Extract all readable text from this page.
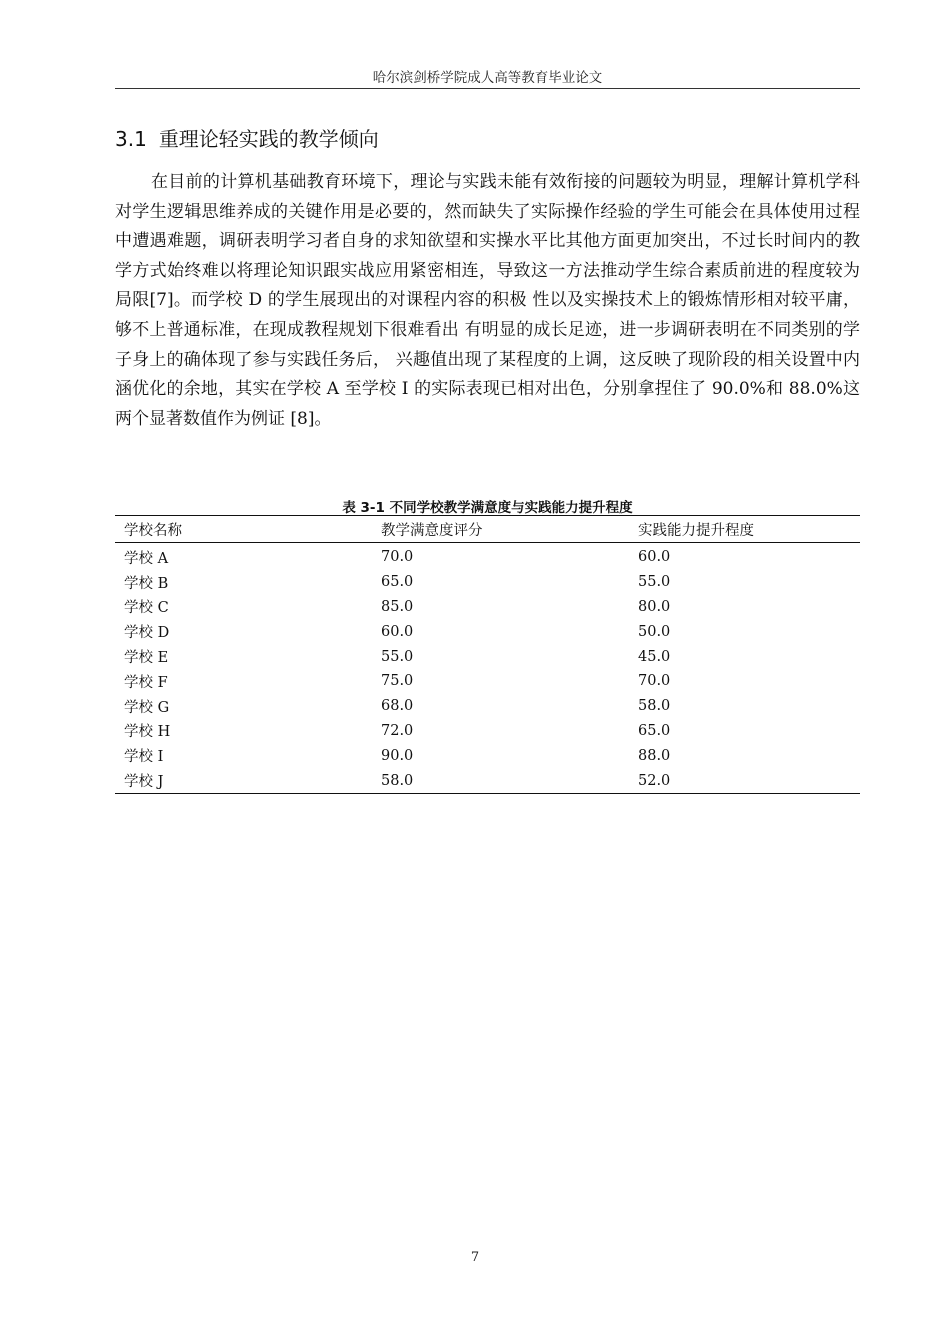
哈尔滨剑桥学院成人高等教育毕业论文
3.1 重理论轻实践的教学倾向

在目前的计算机基础教育环境下，理论与实践未能有效衔接的问题较为明显，理解计算机学科对学生逻辑思维养成的关键作用是必要的，然而缺失了实际操作经验的学生可能会在具体使用过程中遭遇难题，调研表明学习者自身的求知欲望和实操水平比其他方面更加突出，不过长时间内的教学方式始终难以将理论知识跟实战应用紧密相连，导致这一方法推动学生综合素质前进的程度较为局限[7]。而学校 D 的学生展现出的对课程内容的积极 性以及实操技术上的锻炼情形相对较平庸，够不上普通标准，在现成教程规划下很难看出 有明显的成长足迹，进一步调研表明在不同类别的学子身上的确体现了参与实践任务后， 兴趣值出现了某程度的上调，这反映了现阶段的相关设置中内涵优化的余地，其实在学校 A 至学校 I 的实际表现已相对出色，分别拿捏住了 90.0%和 88.0%这两个显著数值作为例证 [8]。

表 3-1 不同学校教学满意度与实践能力提升程度
学校名称	教学满意度评分	实践能力提升程度
学校 A	70.0	60.0
学校 B	65.0	55.0
学校 C	85.0	80.0
学校 D	60.0	50.0
学校 E	55.0	45.0
学校 F	75.0	70.0
学校 G	68.0	58.0
学校 H	72.0	65.0
学校 I	90.0	88.0
学校 J	58.0	52.0
7
